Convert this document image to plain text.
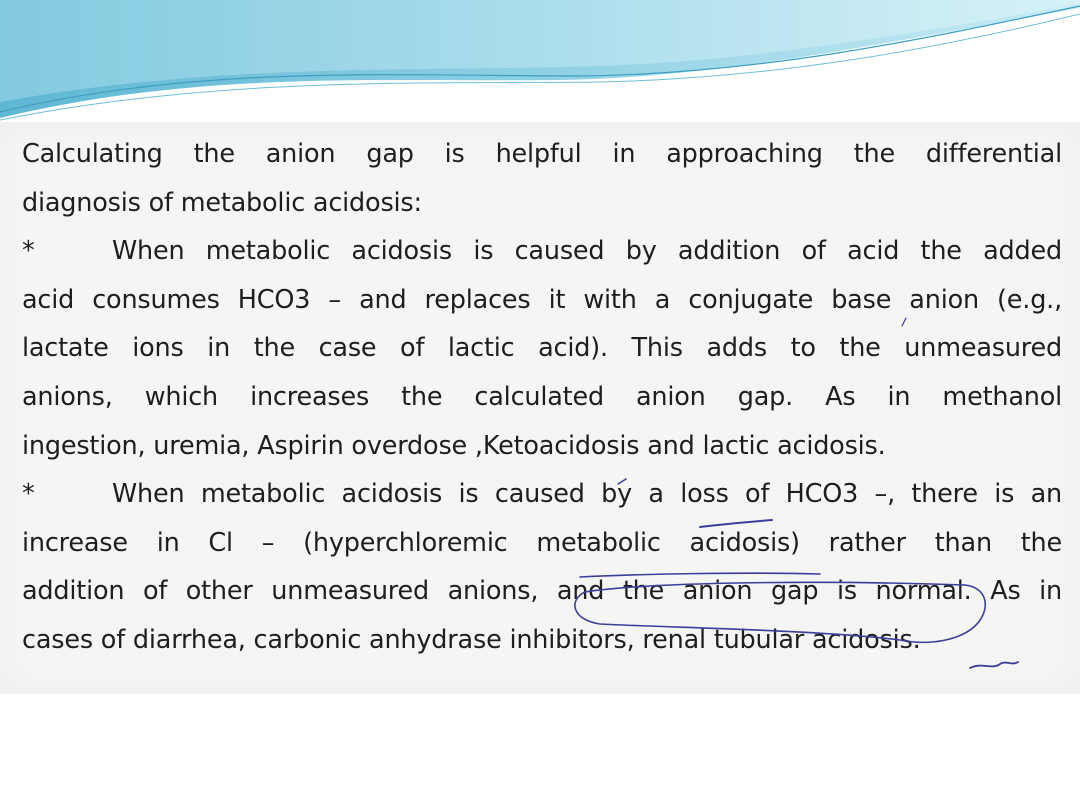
Calculating the anion gap is helpful in approaching the differential
diagnosis of metabolic acidosis:
*	When metabolic acidosis is caused by addition of acid the added
acid consumes HCO3 – and replaces it with a conjugate base anion (e.g.,
lactate ions in the case of lactic acid). This adds to the unmeasured
anions, which increases the calculated anion gap. As in methanol
ingestion, uremia, Aspirin overdose ,Ketoacidosis and lactic acidosis.
*	When metabolic acidosis is caused by a loss of HCO3 –, there is an
increase in Cl – (hyperchloremic metabolic acidosis) rather than the
addition of other unmeasured anions, and the anion gap is normal. As in
cases of diarrhea, carbonic anhydrase inhibitors, renal tubular acidosis.
